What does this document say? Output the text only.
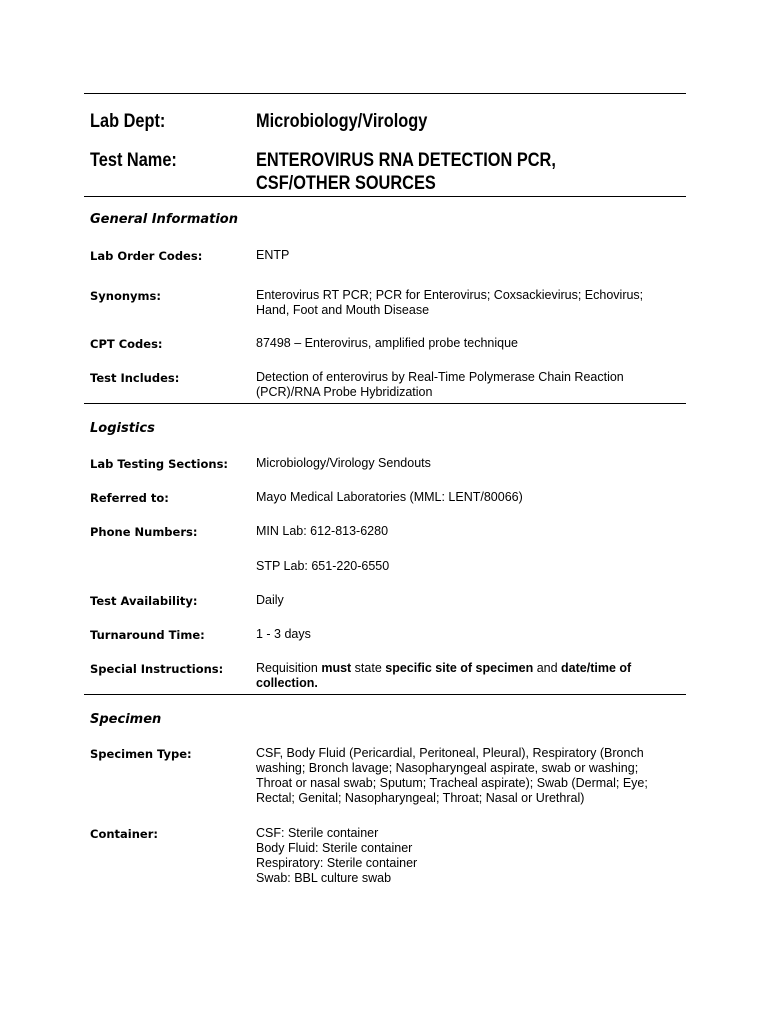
Lab Dept:	Microbiology/Virology
Test Name:	ENTEROVIRUS RNA DETECTION PCR,
CSF/OTHER SOURCES
General Information
Lab Order Codes:	ENTP
Synonyms:	Enterovirus RT PCR; PCR for Enterovirus; Coxsackievirus; Echovirus;
Hand, Foot and Mouth Disease
CPT Codes:	87498 – Enterovirus, amplified probe technique
Test Includes:	Detection of enterovirus by Real-Time Polymerase Chain Reaction
(PCR)/RNA Probe Hybridization
Logistics
Lab Testing Sections: Microbiology/Virology Sendouts
Referred to:	Mayo Medical Laboratories (MML: LENT/80066)
Phone Numbers:	MIN Lab: 612-813-6280
STP Lab: 651-220-6550
Test Availability:	Daily
Turnaround Time:	1 - 3 days
Special Instructions:	Requisition must state specific site of specimen and date/time of
collection.
Specimen
Specimen Type:	CSF, Body Fluid (Pericardial, Peritoneal, Pleural), Respiratory (Bronch
washing; Bronch lavage; Nasopharyngeal aspirate, swab or washing;
Throat or nasal swab; Sputum; Tracheal aspirate); Swab (Dermal; Eye;
Rectal; Genital; Nasopharyngeal; Throat; Nasal or Urethral)
Container:	CSF: Sterile container
Body Fluid: Sterile container
Respiratory: Sterile container
Swab: BBL culture swab
